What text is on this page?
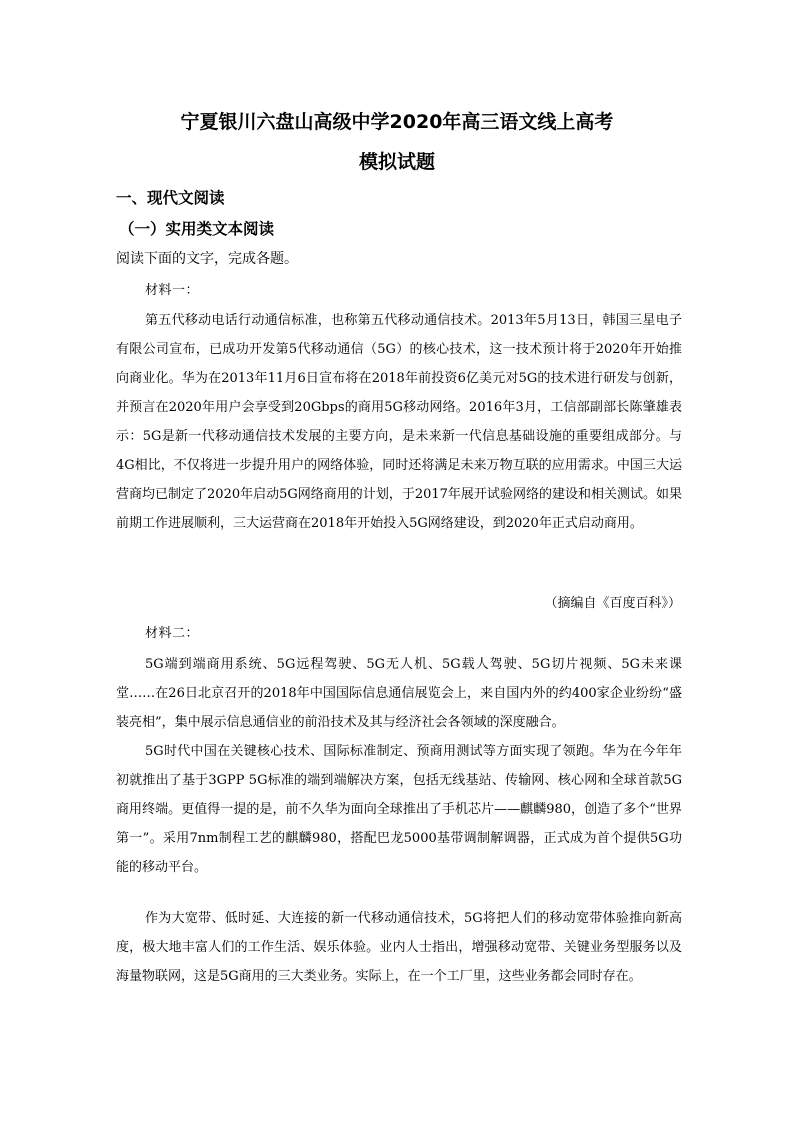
宁夏银川六盘山高级中学2020年高三语文线上高考
模拟试题
一、现代文阅读
（一）实用类文本阅读
阅读下面的文字，完成各题。
材料一：

第五代移动电话行动通信标准，也称第五代移动通信技术。2013年5月13日，韩国三星电子有限公司宣布，已成功开发第5代移动通信（5G）的核心技术，这一技术预计将于2020年开始推向商业化。华为在2013年11月6日宣布将在2018年前投资6亿美元对5G的技术进行研发与创新，并预言在2020年用户会享受到20Gbps的商用5G移动网络。2016年3月，工信部副部长陈肇雄表示：5G是新一代移动通信技术发展的主要方向，是未来新一代信息基础设施的重要组成部分。与4G相比，不仅将进一步提升用户的网络体验，同时还将满足未来万物互联的应用需求。中国三大运营商均已制定了2020年启动5G网络商用的计划，于2017年展开试验网络的建设和相关测试。如果前期工作进展顺利，三大运营商在2018年开始投入5G网络建设，到2020年正式启动商用。

（摘编自《百度百科》）
材料二：

5G端到端商用系统、5G远程驾驶、5G无人机、5G载人驾驶、5G切片视频、5G未来课堂……在26日北京召开的2018年中国国际信息通信展览会上，来自国内外的约400家企业纷纷“盛装亮相”，集中展示信息通信业的前沿技术及其与经济社会各领域的深度融合。

5G时代中国在关键核心技术、国际标准制定、预商用测试等方面实现了领跑。华为在今年年初就推出了基于3GPP 5G标准的端到端解决方案，包括无线基站、传输网、核心网和全球首款5G商用终端。更值得一提的是，前不久华为面向全球推出了手机芯片——麒麟980，创造了多个“世界第一”。采用7nm制程工艺的麒麟980，搭配巴龙5000基带调制解调器，正式成为首个提供5G功能的移动平台。

作为大宽带、低时延、大连接的新一代移动通信技术，5G将把人们的移动宽带体验推向新高度，极大地丰富人们的工作生活、娱乐体验。业内人士指出，增强移动宽带、关键业务型服务以及海量物联网，这是5G商用的三大类业务。实际上，在一个工厂里，这些业务都会同时存在。
